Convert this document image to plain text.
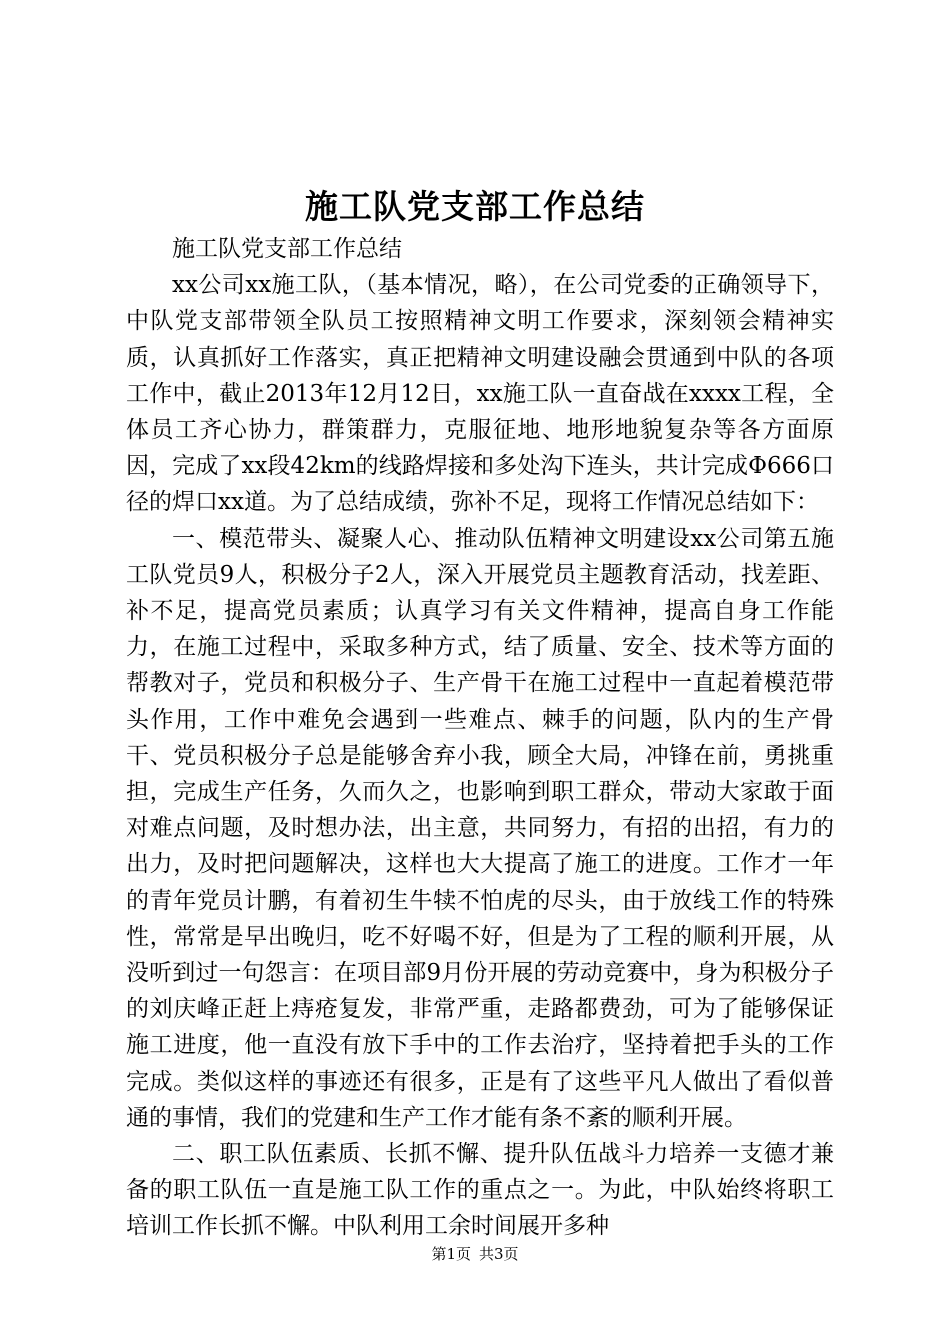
施工队党支部工作总结

施工队党支部工作总结

xx公司xx施工队，（基本情况，略），在公司党委的正确领导下，中队党支部带领全队员工按照精神文明工作要求，深刻领会精神实质，认真抓好工作落实，真正把精神文明建设融会贯通到中队的各项工作中，截止2013年12月12日，xx施工队一直奋战在xxxx工程，全体员工齐心协力，群策群力，克服征地、地形地貌复杂等各方面原因，完成了xx段42km的线路焊接和多处沟下连头，共计完成Φ666口径的焊口xx道。为了总结成绩，弥补不足，现将工作情况总结如下：

一、模范带头、凝聚人心、推动队伍精神文明建设xx公司第五施工队党员9人，积极分子2人，深入开展党员主题教育活动，找差距、补不足，提高党员素质；认真学习有关文件精神，提高自身工作能力，在施工过程中，采取多种方式，结了质量、安全、技术等方面的帮教对子，党员和积极分子、生产骨干在施工过程中一直起着模范带头作用，工作中难免会遇到一些难点、棘手的问题，队内的生产骨干、党员积极分子总是能够舍弃小我，顾全大局，冲锋在前，勇挑重担，完成生产任务，久而久之，也影响到职工群众，带动大家敢于面对难点问题，及时想办法，出主意，共同努力，有招的出招，有力的出力，及时把问题解决，这样也大大提高了施工的进度。工作才一年的青年党员计鹏，有着初生牛犊不怕虎的尽头，由于放线工作的特殊性，常常是早出晚归，吃不好喝不好，但是为了工程的顺利开展，从没听到过一句怨言：在项目部9月份开展的劳动竞赛中，身为积极分子的刘庆峰正赶上痔疮复发，非常严重，走路都费劲，可为了能够保证施工进度，他一直没有放下手中的工作去治疗，坚持着把手头的工作完成。类似这样的事迹还有很多，正是有了这些平凡人做出了看似普通的事情，我们的党建和生产工作才能有条不紊的顺利开展。

二、职工队伍素质、长抓不懈、提升队伍战斗力培养一支德才兼备的职工队伍一直是施工队工作的重点之一。为此，中队始终将职工培训工作长抓不懈。中队利用工余时间展开多种

第1页 共3页
